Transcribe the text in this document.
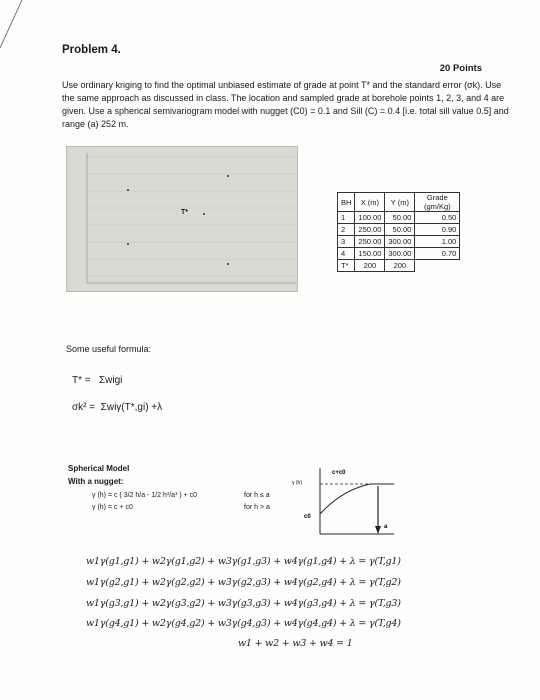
Problem 4.
20 Points
Use ordinary kriging to find the optimal unbiased estimate of grade at point T* and the standard error (σk). Use the same approach as discussed in class. The location and sampled grade at borehole points 1, 2, 3, and 4 are given. Use a spherical semivariogram model with nugget (C0) = 0.1 and Sill (C) = 0.4 [i.e. total sill value 0.5] and range (a) 252 m.
T*
BH	X (m)	Y (m)	Grade (gm/Kg)
1	100.00	50.00	0.50
2	250.00	50.00	0.90
3	250.00	300.00	1.00
4	150.00	300.00	0.70
T*	200	200	
Some useful formula:
T* =   Σwigi
σk² =  Σwiγ(T*,gi) +λ
Spherical Model
With a nugget:
γ (h) = c ( 3/2 h/a - 1/2 h³/a³ ) + c0
γ (h) = c + c0
for h ≤ a
for h > a
γ (h)
c+c0
c0
a
w1γ(g1,g1) + w2γ(g1,g2) + w3γ(g1,g3) + w4γ(g1,g4) + λ = γ(T,g1)
w1γ(g2,g1) + w2γ(g2,g2) + w3γ(g2,g3) + w4γ(g2,g4) + λ = γ(T,g2)
w1γ(g3,g1) + w2γ(g3,g2) + w3γ(g3,g3) + w4γ(g3,g4) + λ = γ(T,g3)
w1γ(g4,g1) + w2γ(g4,g2) + w3γ(g4,g3) + w4γ(g4,g4) + λ = γ(T,g4)
w1 + w2 + w3 + w4 = 1
